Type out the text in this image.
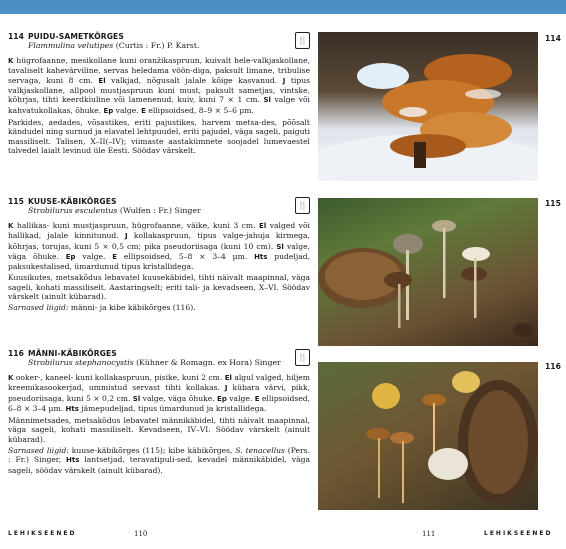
114 PUIDU-SAMETKÕRGES
Flammulina velutipes (Curtis : Fr.) P. Karst.
🍴

K hügrofaanne, mesikollane kuni oranžikaspruun, kuivalt hele-valkjaskollane, tavaliselt kahevärviline, servas heledama vöön-diga, paksult limane, tribulise servaga, kuni 8 cm. El valkjad, nõgusalt jalale kõige kasvanud. J tipus valkjaskollane, allpool mustjaspruun kuni must, paksult sametjas, vintske, kõhrjas, tihti keerdkiuline või lamenenud, kuiv, kuni 7 × 1 cm. Sl valge või kahvatukollakas, õhuke. Ep valge. E ellipsoidsed, 8–9 × 5–6 µm.

Parkides, aedades, võsastikes, eriti pajustikes, harvem metsa-des, põõsalt kändudel ning surnud ja elavatel lehtpuudel, eriti pajudel, väga sageli, paiguti massiliselt. Talisen, X–II(–IV); viimaste aastakümnete soojadel lumevaestel talvedel laialt levinud üle Eesti. Söödav värskelt.

115 KUUSE-KÄBIKÕRGES
Strobilurus esculentus (Wulfen : Fr.) Singer
🍴

K hallikas- kuni mustjaspruun, hügrofaanne, väike, kuni 3 cm. El valged või hallikad, jalale kinnitunud. J kollakaspruun, tipus valge-jahuja kirmega, kõhrjas, torujas, kuni 5 × 0,5 cm; pika pseudoriisaga (kuni 10 cm). Sl valge, väga õhuke. Ep valge. E ellipsoidsed, 5–8 × 3–4 µm. Hts pudeljad, paksukestalised, ümardunud tipus kristallidega.

Kuusikutes, metsakõdus lebavatel kuusekäbidel, tihti näivalt maapinnal, väga sageli, kohati massiliselt. Aastaringselt; eriti tali- ja kevadseen, X–VI. Söödav värskelt (ainult kübarad).

Sarnased liigid: männi- ja kibe käbikõrges (116).

116 MÄNNI-KÄBIKÕRGES
Strobilurus stephanocystis (Kühner & Romagn. ex Hora) Singer
🍴

K ooker-, kaneel- kuni kollakaspruun, pisike, kuni 2 cm. El algul valged, hiljem kreemikasookerjad, ummistud servast tihti kollakas. J kübara värvi, pikk, pseudoriisaga, kuni 5 × 0,2 cm. Sl valge, väga õhuke. Ep valge. E ellipsoidsed, 6–8 × 3–4 µm. Hts jämepudeljad, tipus ümardunud ja kristallidega.

Männimetsades, metsakõdus lebavatel männikäbidel, tihti näivalt maapinnal, väga sageli, kohati massiliselt. Kevadseen, IV–VI. Söödav värskelt (ainult kübarad).

Sarnased liigid: kuuse-käbikõrges (115); kibe käbikõrges, S. tenacellus (Pers. : Fr.) Singer, Hts lantsetjad, teravatipuli-sed, kevadel männikäbidel, väga sageli, söödav värskelt (ainult kübarad).

114
115
116
LEHIKSEENED	110	111	LEHIKSEENED
